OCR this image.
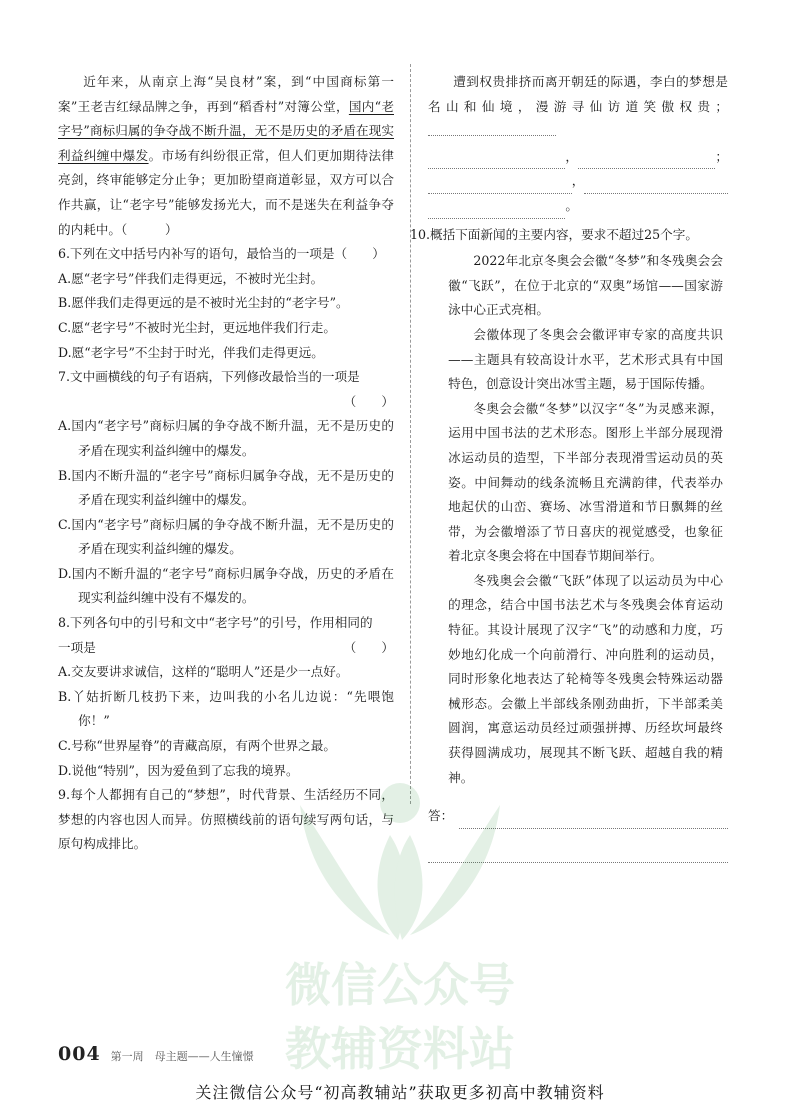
近年来，从南京上海“吴良材”案，到“中国商标第一案”王老吉红绿品牌之争，再到“稻香村”对簿公堂，国内“老字号”商标归属的争夺战不断升温，无不是历史的矛盾在现实利益纠缠中爆发。市场有纠纷很正常，但人们更加期待法律亮剑，终审能够定分止争；更加盼望商道彰显，双方可以合作共赢，让“老字号”能够发扬光大，而不是迷失在利益争夺的内耗中。（　　　）

6.下列在文中括号内补写的语句，最恰当的一项是（　　）

A.愿“老字号”伴我们走得更远，不被时光尘封。

B.愿伴我们走得更远的是不被时光尘封的“老字号”。

C.愿“老字号”不被时光尘封，更远地伴我们行走。

D.愿“老字号”不尘封于时光，伴我们走得更远。

7.文中画横线的句子有语病，下列修改最恰当的一项是

（　　）

A.国内“老字号”商标归属的争夺战不断升温，无不是历史的矛盾在现实利益纠缠中的爆发。

B.国内不断升温的“老字号”商标归属争夺战，无不是历史的矛盾在现实利益纠缠中的爆发。

C.国内“老字号”商标归属的争夺战不断升温，无不是历史的矛盾在现实利益纠缠的爆发。

D.国内不断升温的“老字号”商标归属争夺战，历史的矛盾在现实利益纠缠中没有不爆发的。

8.下列各句中的引号和文中“老字号”的引号，作用相同的

一项是	（　　）

A.交友要讲求诚信，这样的“聪明人”还是少一点好。

B.丫姑折断几枝扔下来，边叫我的小名儿边说：“先喂饱你！”

C.号称“世界屋脊”的青藏高原，有两个世界之最。

D.说他“特别”，因为爱鱼到了忘我的境界。

9.每个人都拥有自己的“梦想”，时代背景、生活经历不同，梦想的内容也因人而异。仿照横线前的语句续写两句话，与原句构成排比。

遭到权贵排挤而离开朝廷的际遇，李白的梦想是名山和仙境，漫游寻仙访道笑傲权贵；

，	；
，
。

10.概括下面新闻的主要内容，要求不超过25个字。

2022年北京冬奥会会徽“冬梦”和冬残奥会会徽“飞跃”，在位于北京的“双奥”场馆——国家游泳中心正式亮相。

会徽体现了冬奥会会徽评审专家的高度共识——主题具有较高设计水平，艺术形式具有中国特色，创意设计突出冰雪主题，易于国际传播。

冬奥会会徽“冬梦”以汉字“冬”为灵感来源，运用中国书法的艺术形态。图形上半部分展现滑冰运动员的造型，下半部分表现滑雪运动员的英姿。中间舞动的线条流畅且充满韵律，代表举办地起伏的山峦、赛场、冰雪滑道和节日飘舞的丝带，为会徽增添了节日喜庆的视觉感受，也象征着北京冬奥会将在中国春节期间举行。

冬残奥会会徽“飞跃”体现了以运动员为中心的理念，结合中国书法艺术与冬残奥会体育运动特征。其设计展现了汉字“飞”的动感和力度，巧妙地幻化成一个向前滑行、冲向胜利的运动员，同时形象化地表达了轮椅等冬残奥会特殊运动器械形态。会徽上半部线条刚劲曲折，下半部柔美圆润，寓意运动员经过顽强拼搏、历经坎坷最终获得圆满成功，展现其不断飞跃、超越自我的精神。

答：
微信公众号
教辅资料站
004 第一周　母主题——人生憧憬
关注微信公众号“初高教辅站”获取更多初高中教辅资料
